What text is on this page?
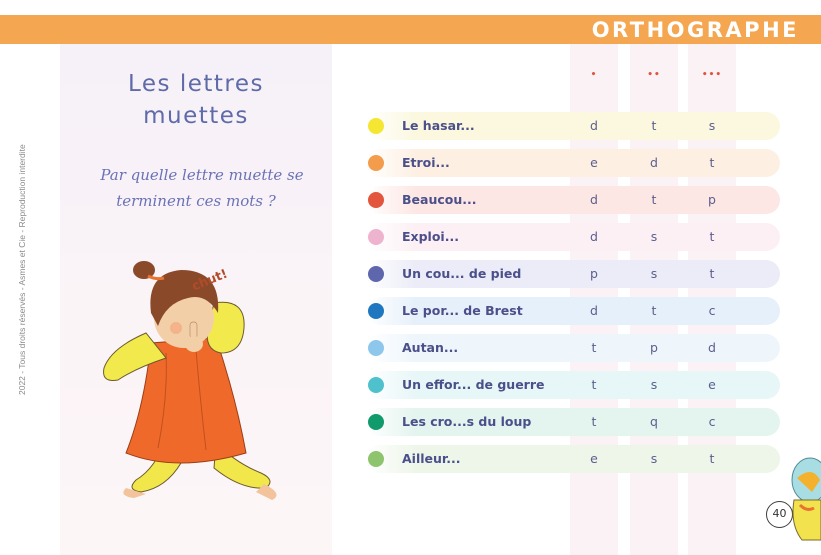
ORTHOGRAPHE
2022 - Tous droits réservés - Asmes et Cie - Reproduction interdite
Les lettres
muettes
Par quelle lettre muette se
terminent ces mots ?
chut!
•	••	•••
Le hasar...	d	t	s
Etroi...	e	d	t
Beaucou...	d	t	p
Exploi...	d	s	t
Un cou... de pied	p	s	t
Le por... de Brest	d	t	c
Autan...	t	p	d
Un effor... de guerre	t	s	e
Les cro...s du loup	t	q	c
Ailleur...	e	s	t
40
